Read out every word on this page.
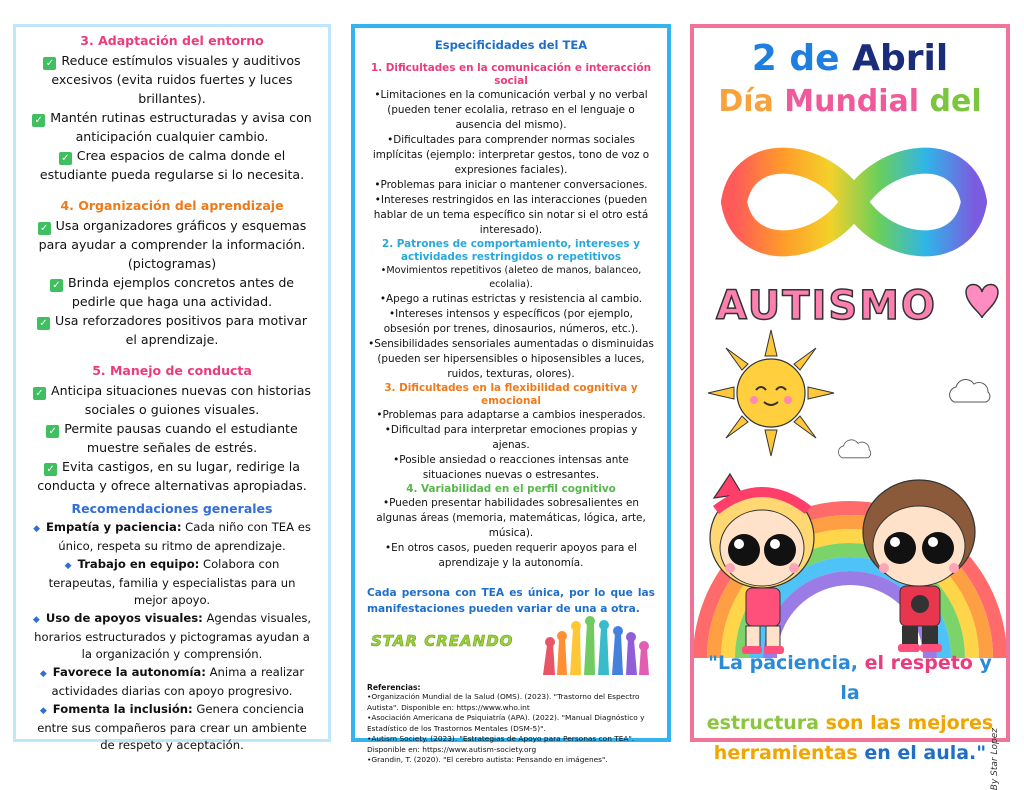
3. Adaptación del entorno

✓ Reduce estímulos visuales y auditivos excesivos (evita ruidos fuertes y luces brillantes).

✓ Mantén rutinas estructuradas y avisa con anticipación cualquier cambio.

✓ Crea espacios de calma donde el estudiante pueda regularse si lo necesita.

4. Organización del aprendizaje

✓ Usa organizadores gráficos y esquemas para ayudar a comprender la información. (pictogramas)

✓ Brinda ejemplos concretos antes de pedirle que haga una actividad.

✓ Usa reforzadores positivos para motivar el aprendizaje.

5. Manejo de conducta

✓ Anticipa situaciones nuevas con historias sociales o guiones visuales.

✓ Permite pausas cuando el estudiante muestre señales de estrés.

✓ Evita castigos, en su lugar, redirige la conducta y ofrece alternativas apropiadas.

Recomendaciones generales

◆ Empatía y paciencia: Cada niño con TEA es único, respeta su ritmo de aprendizaje.

◆ Trabajo en equipo: Colabora con terapeutas, familia y especialistas para un mejor apoyo.

◆ Uso de apoyos visuales: Agendas visuales, horarios estructurados y pictogramas ayudan a la organización y comprensión.

◆ Favorece la autonomía: Anima a realizar actividades diarias con apoyo progresivo.

◆ Fomenta la inclusión: Genera conciencia entre sus compañeros para crear un ambiente de respeto y aceptación.

Especificidades del TEA

1. Dificultades en la comunicación e interacción social

•Limitaciones en la comunicación verbal y no verbal (pueden tener ecolalia, retraso en el lenguaje o ausencia del mismo).

•Dificultades para comprender normas sociales implícitas (ejemplo: interpretar gestos, tono de voz o expresiones faciales).

•Problemas para iniciar o mantener conversaciones.

•Intereses restringidos en las interacciones (pueden hablar de un tema específico sin notar si el otro está interesado).

2. Patrones de comportamiento, intereses y actividades restringidos o repetitivos

•Movimientos repetitivos (aleteo de manos, balanceo, ecolalia).

•Apego a rutinas estrictas y resistencia al cambio.

•Intereses intensos y específicos (por ejemplo, obsesión por trenes, dinosaurios, números, etc.).

•Sensibilidades sensoriales aumentadas o disminuidas (pueden ser hipersensibles o hiposensibles a luces, ruidos, texturas, olores).

3. Dificultades en la flexibilidad cognitiva y emocional

•Problemas para adaptarse a cambios inesperados.

•Dificultad para interpretar emociones propias y ajenas.

•Posible ansiedad o reacciones intensas ante situaciones nuevas o estresantes.

4. Variabilidad en el perfil cognitivo

•Pueden presentar habilidades sobresalientes en algunas áreas (memoria, matemáticas, lógica, arte, música).

•En otros casos, pueden requerir apoyos para el aprendizaje y la autonomía.

Cada persona con TEA es única, por lo que las manifestaciones pueden variar de una a otra.

STAR CREANDO

Referencias:

•Organización Mundial de la Salud (OMS). (2023). "Trastorno del Espectro Autista". Disponible en: https://www.who.int

•Asociación Americana de Psiquiatría (APA). (2022). "Manual Diagnóstico y Estadístico de los Trastornos Mentales (DSM-5)".

•Autism Society. (2023). "Estrategias de Apoyo para Personas con TEA". Disponible en: https://www.autism-society.org

•Grandin, T. (2020). "El cerebro autista: Pensando en imágenes".

2 de Abril
Día Mundial del
AUTISMO
"La paciencia, el respeto y la
estructura son las mejores
herramientas en el aula." By Star Lopez
